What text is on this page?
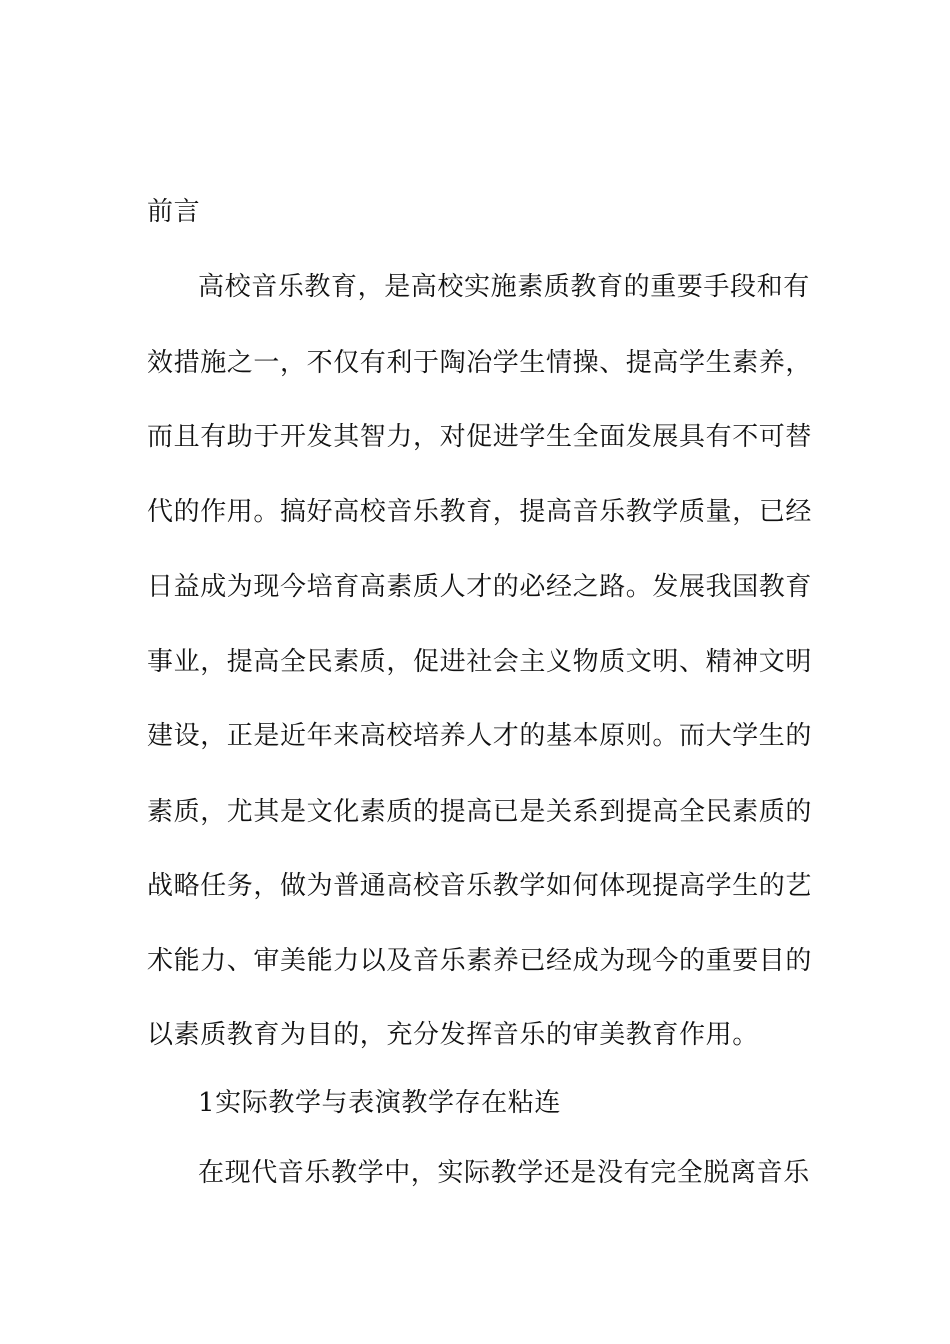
前言
高校音乐教育，是高校实施素质教育的重要手段和有
效措施之一，不仅有利于陶冶学生情操、提高学生素养，
而且有助于开发其智力，对促进学生全面发展具有不可替
代的作用。搞好高校音乐教育，提高音乐教学质量，已经
日益成为现今培育高素质人才的必经之路。发展我国教育
事业，提高全民素质，促进社会主义物质文明、精神文明
建设，正是近年来高校培养人才的基本原则。而大学生的
素质，尤其是文化素质的提高已是关系到提高全民素质的
战略任务，做为普通高校音乐教学如何体现提高学生的艺
术能力、审美能力以及音乐素养已经成为现今的重要目的
以素质教育为目的，充分发挥音乐的审美教育作用。
1实际教学与表演教学存在粘连
在现代音乐教学中，实际教学还是没有完全脱离音乐
